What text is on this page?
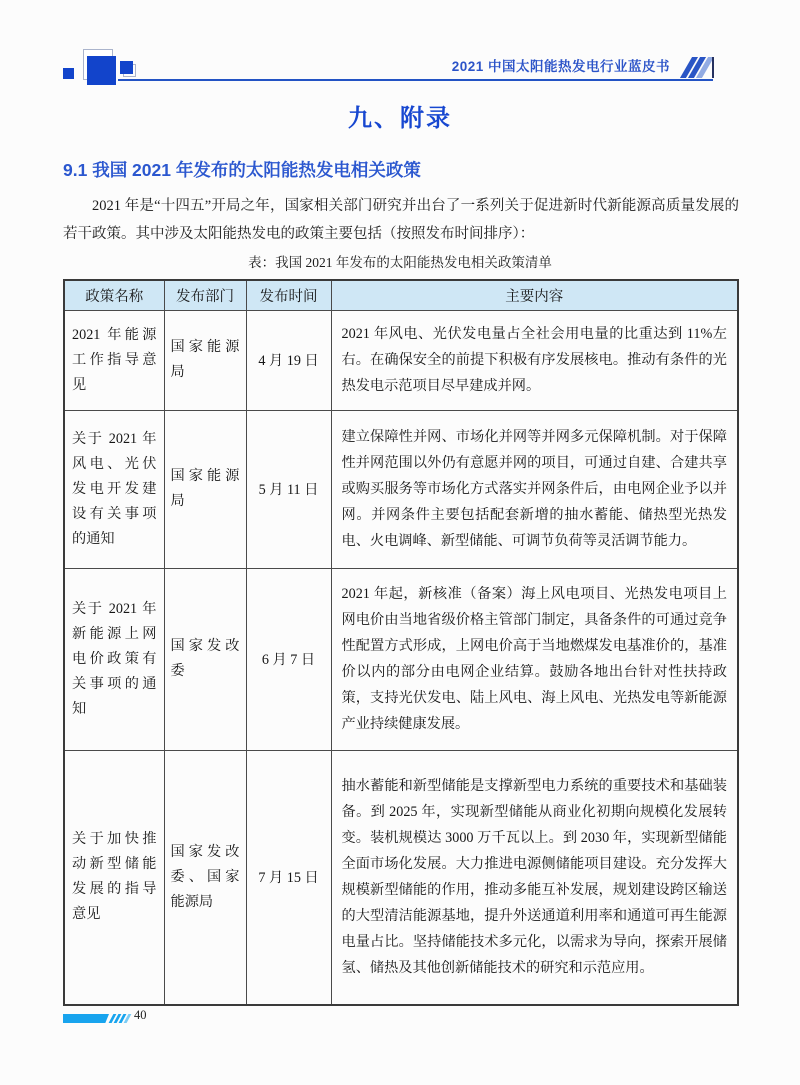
2021 中国太阳能热发电行业蓝皮书
九、附录
9.1 我国 2021 年发布的太阳能热发电相关政策
2021 年是“十四五”开局之年，国家相关部门研究并出台了一系列关于促进新时代新能源高质量发展的若干政策。其中涉及太阳能热发电的政策主要包括（按照发布时间排序）：
表：我国 2021 年发布的太阳能热发电相关政策清单
政策名称	发布部门	发布时间	主要内容
2021 年能源工作指导意见	国家能源局	4 月 19 日	2021 年风电、光伏发电量占全社会用电量的比重达到 11%左右。在确保安全的前提下积极有序发展核电。推动有条件的光热发电示范项目尽早建成并网。
关于 2021 年风电、光伏发电开发建设有关事项的通知	国家能源局	5 月 11 日	建立保障性并网、市场化并网等并网多元保障机制。对于保障性并网范围以外仍有意愿并网的项目，可通过自建、合建共享或购买服务等市场化方式落实并网条件后，由电网企业予以并网。并网条件主要包括配套新增的抽水蓄能、储热型光热发电、火电调峰、新型储能、可调节负荷等灵活调节能力。
关于 2021 年新能源上网电价政策有关事项的通知	国家发改委	6 月 7 日	2021 年起，新核准（备案）海上风电项目、光热发电项目上网电价由当地省级价格主管部门制定，具备条件的可通过竞争性配置方式形成，上网电价高于当地燃煤发电基准价的，基准价以内的部分由电网企业结算。鼓励各地出台针对性扶持政策，支持光伏发电、陆上风电、海上风电、光热发电等新能源产业持续健康发展。
关于加快推动新型储能发展的指导意见	国家发改委、国家能源局	7 月 15 日	抽水蓄能和新型储能是支撑新型电力系统的重要技术和基础装备。到 2025 年，实现新型储能从商业化初期向规模化发展转变。装机规模达 3000 万千瓦以上。到 2030 年，实现新型储能全面市场化发展。大力推进电源侧储能项目建设。充分发挥大规模新型储能的作用，推动多能互补发展，规划建设跨区输送的大型清洁能源基地，提升外送通道利用率和通道可再生能源电量占比。坚持储能技术多元化，以需求为导向，探索开展储氢、储热及其他创新储能技术的研究和示范应用。
40
